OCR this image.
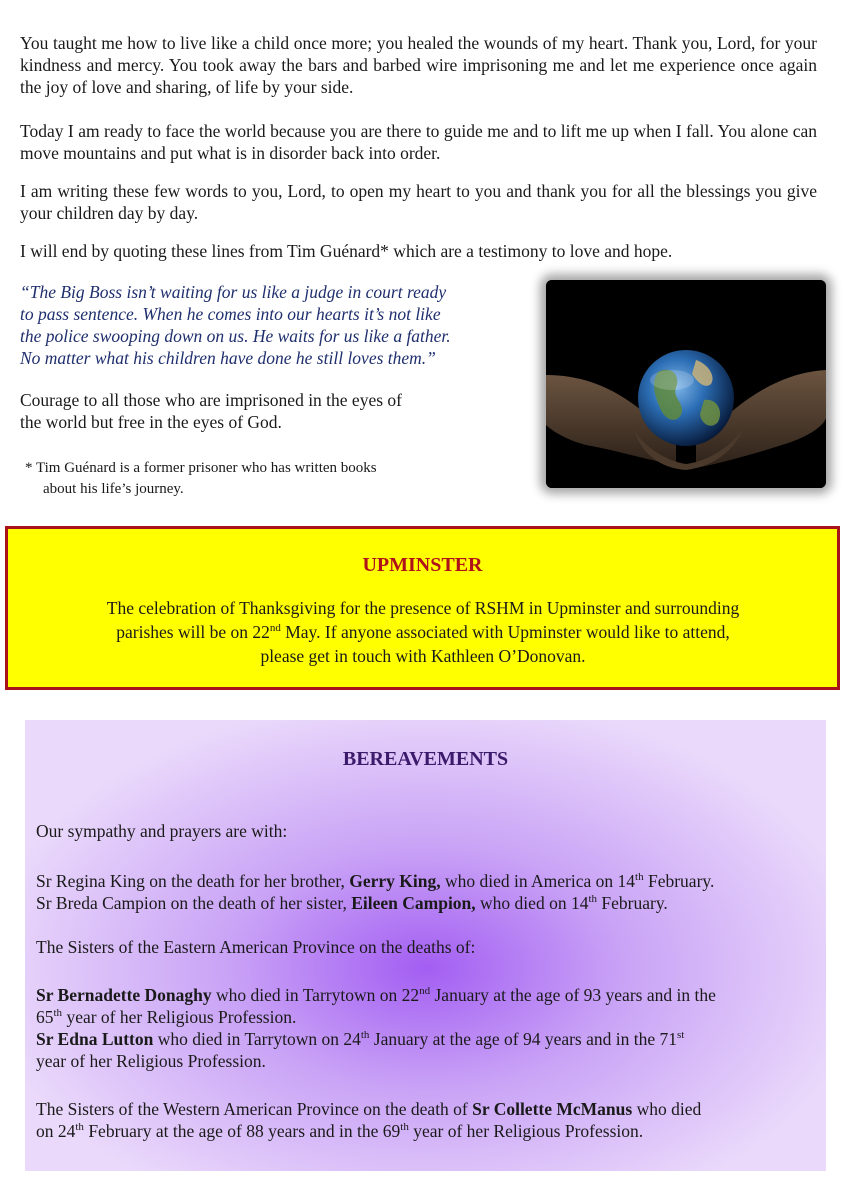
You taught me how to live like a child once more; you healed the wounds of my heart. Thank you, Lord, for your kindness and mercy. You took away the bars and barbed wire imprisoning me and let me experience once again the joy of love and sharing, of life by your side.

Today I am ready to face the world because you are there to guide me and to lift me up when I fall. You alone can move mountains and put what is in disorder back into order.

I am writing these few words to you, Lord, to open my heart to you and thank you for all the blessings you give your children day by day.

I will end by quoting these lines from Tim Guénard* which are a testimony to love and hope.

“The Big Boss isn’t waiting for us like a judge in court ready
to pass sentence. When he comes into our hearts it’s not like
the police swooping down on us. He waits for us like a father.
No matter what his children have done he still loves them.”

Courage to all those who are imprisoned in the eyes of
the world but free in the eyes of God.

* Tim Guénard is a former prisoner who has written books
about his life’s journey.

UPMINSTER

The celebration of Thanksgiving for the presence of RSHM in Upminster and surrounding
parishes will be on 22nd May. If anyone associated with Upminster would like to attend,
please get in touch with Kathleen O’Donovan.

BEREAVEMENTS

Our sympathy and prayers are with:

Sr Regina King on the death for her brother, Gerry King, who died in America on 14th February.
Sr Breda Campion on the death of her sister, Eileen Campion, who died on 14th February.

The Sisters of the Eastern American Province on the deaths of:

Sr Bernadette Donaghy who died in Tarrytown on 22nd January at the age of 93 years and in the
65th year of her Religious Profession.
Sr Edna Lutton who died in Tarrytown on 24th January at the age of 94 years and in the 71st
year of her Religious Profession.

The Sisters of the Western American Province on the death of Sr Collette McManus who died
on 24th February at the age of 88 years and in the 69th year of her Religious Profession.
